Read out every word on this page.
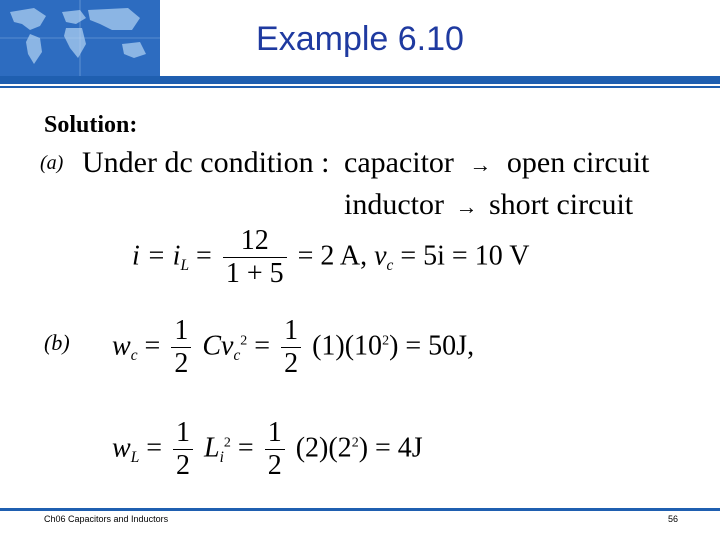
Example 6.10
Solution:
(a) Under dc condition : capacitor → open circuit
inductor → short circuit
$i = i_L = \frac{12}{1 + 5} = 2$ A, $v_c = 5i = 10$ V
(b) $w_c = \frac{1}{2} Cv_c^2 = \frac{1}{2} (1)(10^2) = 50J$,
$w_L = \frac{1}{2} L_i^2 = \frac{1}{2} (2)(2^2) = 4J$
Ch06 Capacitors and Inductors	56
